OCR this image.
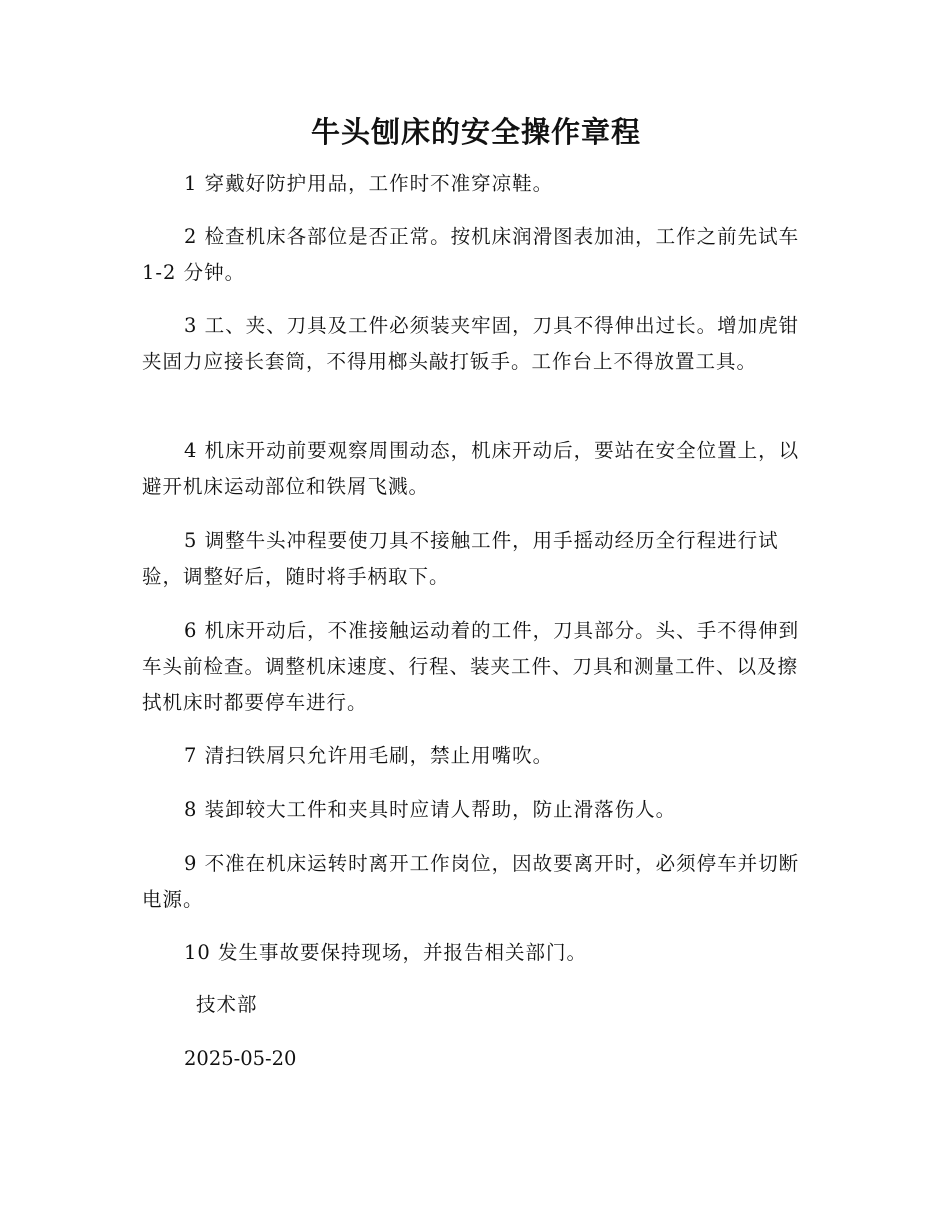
牛头刨床的安全操作章程

1 穿戴好防护用品，工作时不准穿凉鞋。

2 检查机床各部位是否正常。按机床润滑图表加油，工作之前先试车 1-2 分钟。

3 工、夹、刀具及工件必须装夹牢固，刀具不得伸出过长。增加虎钳夹固力应接长套筒，不得用榔头敲打钣手。工作台上不得放置工具。

4 机床开动前要观察周围动态，机床开动后，要站在安全位置上，以避开机床运动部位和铁屑飞溅。

5 调整牛头冲程要使刀具不接触工件，用手摇动经历全行程进行试验，调整好后，随时将手柄取下。

6 机床开动后，不准接触运动着的工件，刀具部分。头、手不得伸到车头前检查。调整机床速度、行程、装夹工件、刀具和测量工件、以及擦拭机床时都要停车进行。

7 清扫铁屑只允许用毛刷，禁止用嘴吹。

8 装卸较大工件和夹具时应请人帮助，防止滑落伤人。

9 不准在机床运转时离开工作岗位，因故要离开时，必须停车并切断电源。

10 发生事故要保持现场，并报告相关部门。

技术部

2025-05-20
